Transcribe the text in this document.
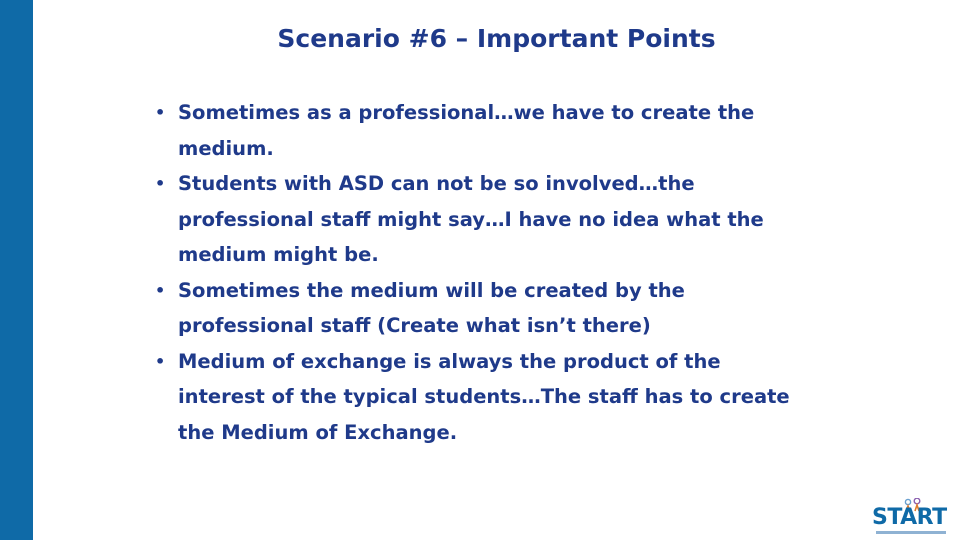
Scenario #6 – Important Points
• Sometimes as a professional…we have to create the medium.
• Students with ASD can not be so involved…the professional staff might say…I have no idea what the medium might be.
• Sometimes the medium will be created by the professional staff (Create what isn’t there)
• Medium of exchange is always the product of the interest of the typical students…The staff has to create the Medium of Exchange.
START
